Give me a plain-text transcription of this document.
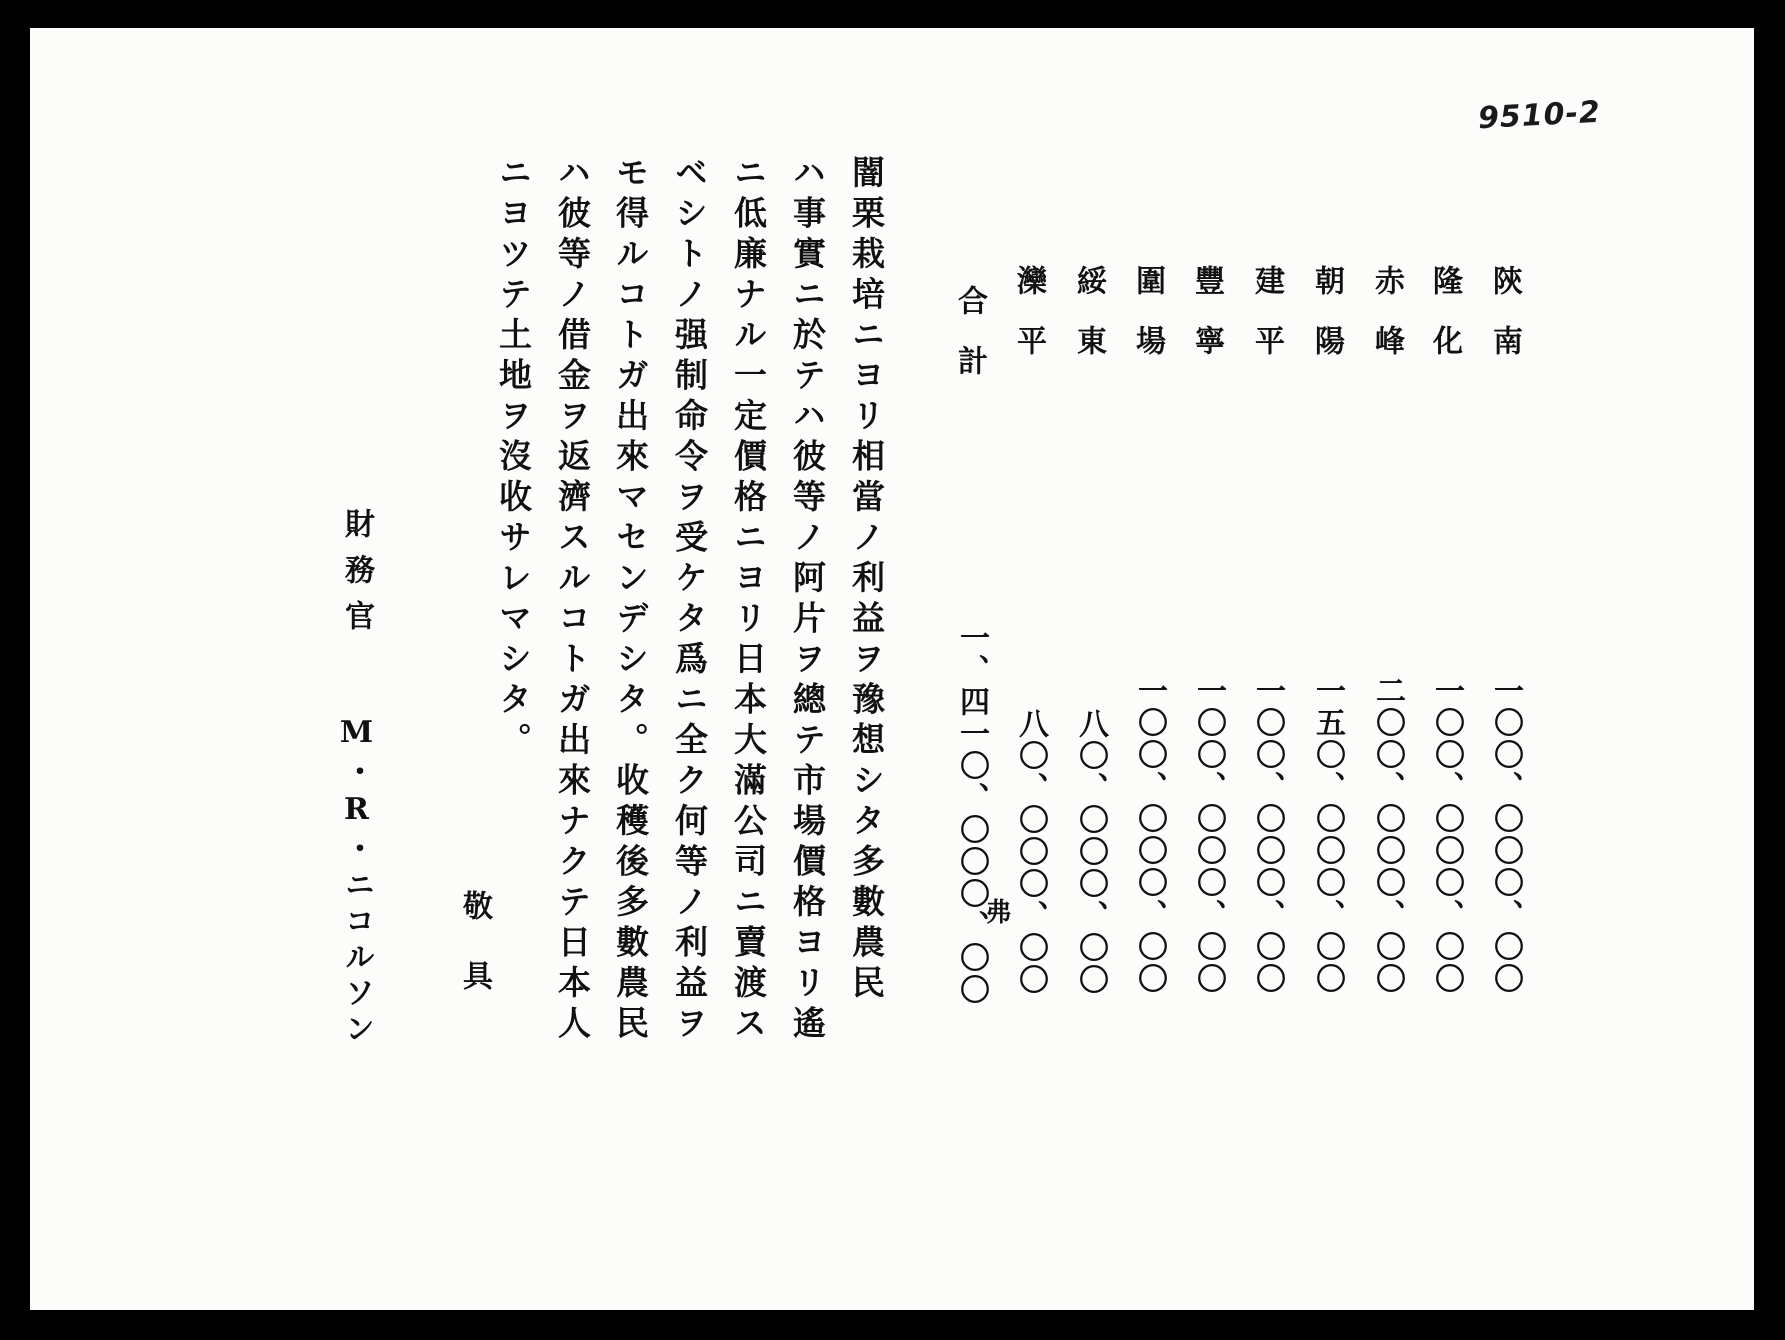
9510-2
陝南
隆化
赤峰
朝陽
建平
豐寧
圍場
綏東
灤平
合計
一〇〇、〇〇〇、〇〇
一〇〇、〇〇〇、〇〇
二〇〇、〇〇〇、〇〇
一五〇、〇〇〇、〇〇
一〇〇、〇〇〇、〇〇
一〇〇、〇〇〇、〇〇
一〇〇、〇〇〇、〇〇
八〇、〇〇〇、〇〇
八〇、〇〇〇、〇〇
一、四一〇、〇〇〇、〇〇
弗
闇栗栽培ニヨリ相當ノ利益ヲ豫想シタ多數農民
ハ事實ニ於テハ彼等ノ阿片ヲ總テ市場價格ヨリ遙
ニ低廉ナル一定價格ニヨリ日本大滿公司ニ賣渡ス
ベシトノ强制命令ヲ受ケタ爲ニ全ク何等ノ利益ヲ
モ得ルコトガ出來マセンデシタ。收穫後多數農民
ハ彼等ノ借金ヲ返濟スルコトガ出來ナクテ日本人
ニヨツテ土地ヲ沒收サレマシタ。
敬具
財務官
M・R・ニコルソン
